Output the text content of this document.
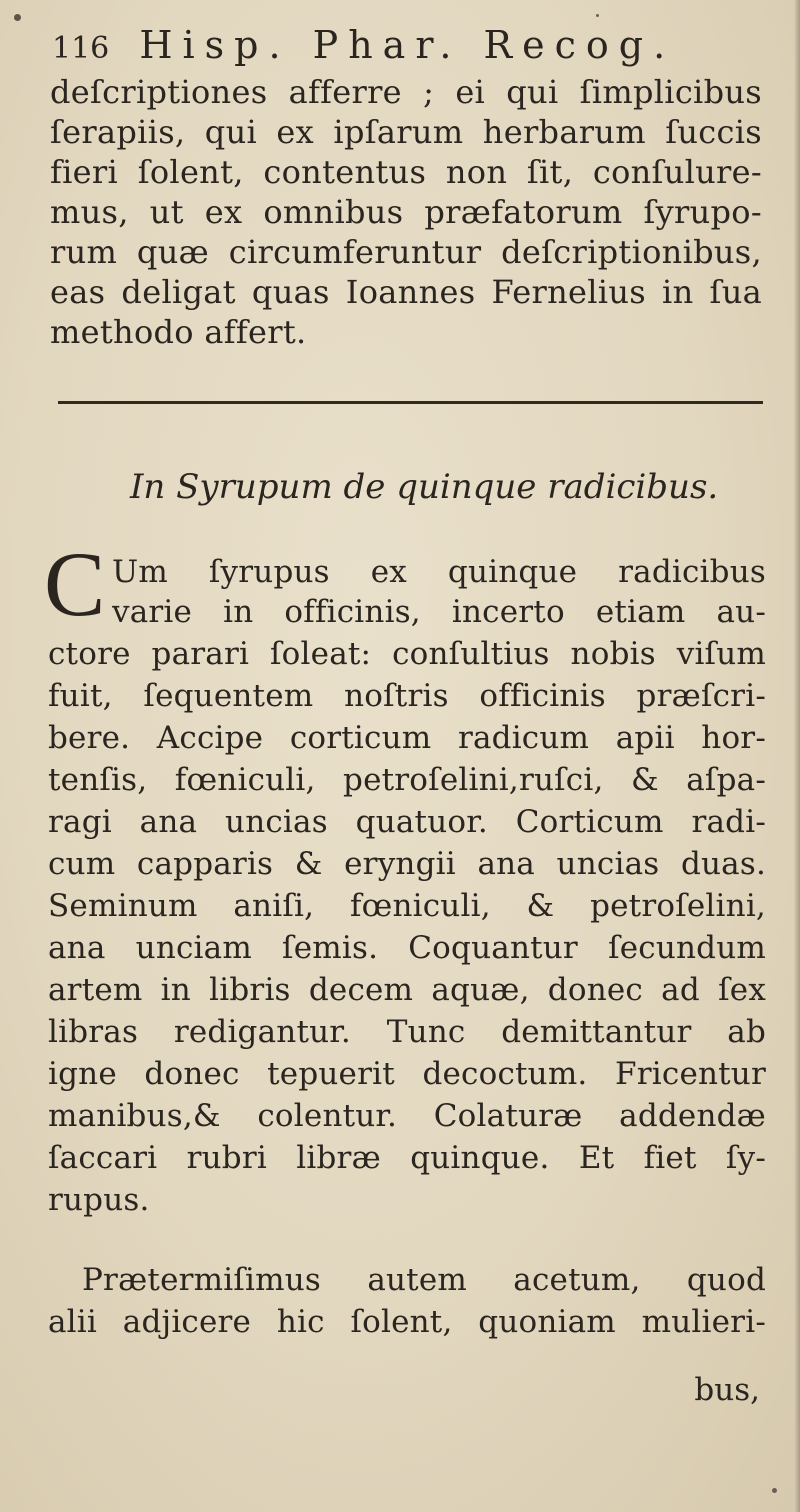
116 Hisp. Phar. Recog.
deſcriptiones afferre ; ei qui ſimplicibus
ſerapiis, qui ex ipſarum herbarum ſuccis
fieri ſolent, contentus non ſit, conſulure-
mus, ut ex omnibus præfatorum ſyrupo-
rum quæ circumferuntur deſcriptionibus,
eas deligat quas Ioannes Fernelius in ſua
methodo affert.
In Syrupum de quinque radicibus.
C Um ſyrupus ex quinque radicibus
varie in officinis, incerto etiam au-
ctore parari ſoleat: conſultius nobis viſum
fuit, ſequentem noſtris officinis præſcri-
bere. Accipe corticum radicum apii hor-
tenſis, fœniculi, petroſelini,ruſci, & aſpa-
ragi ana uncias quatuor. Corticum radi-
cum capparis & eryngii ana uncias duas.
Seminum aniſi, fœniculi, & petroſelini,
ana unciam ſemis. Coquantur ſecundum
artem in libris decem aquæ, donec ad ſex
libras redigantur. Tunc demittantur ab
igne donec tepuerit decoctum. Fricentur
manibus,& colentur. Colaturæ addendæ
ſaccari rubri libræ quinque. Et fiet ſy-
rupus.
Prætermiſimus autem acetum, quod
alii adjicere hic ſolent, quoniam mulieri-
bus,
